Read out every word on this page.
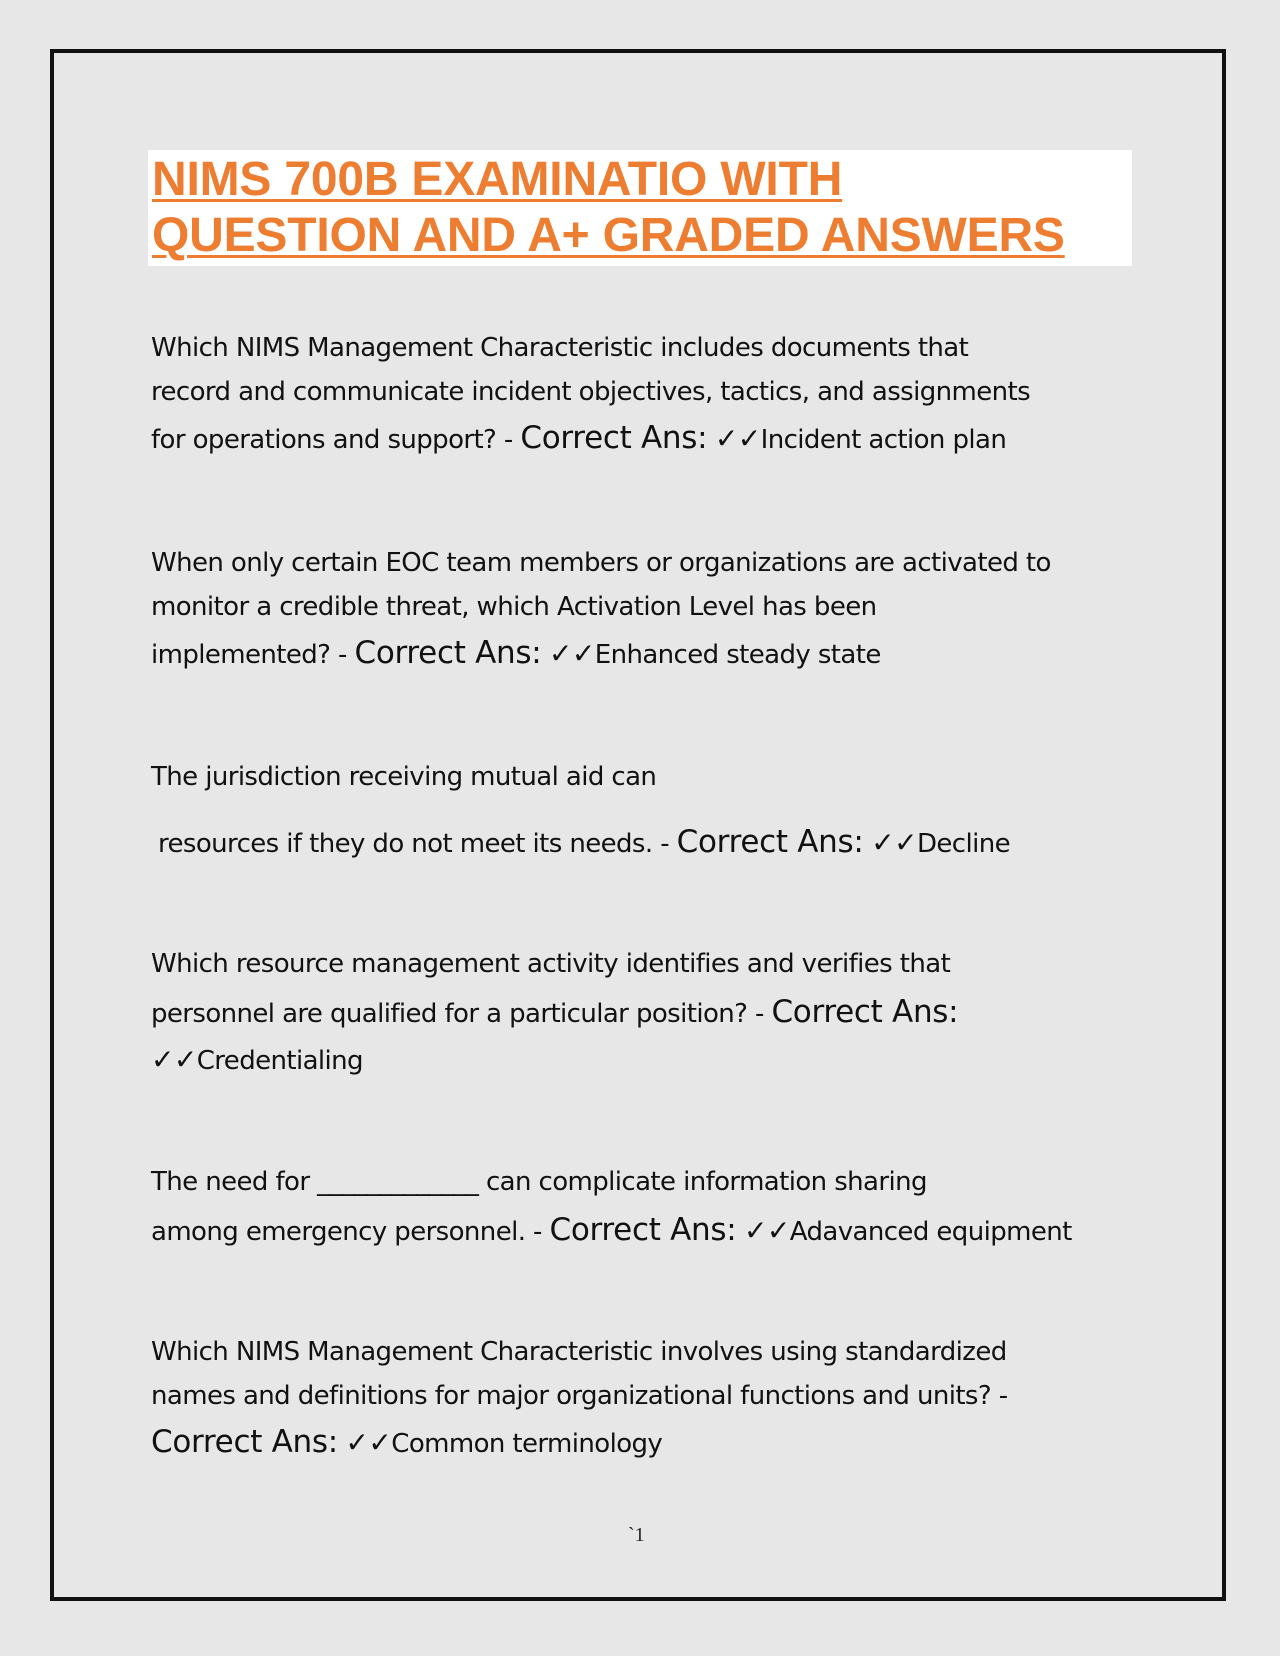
NIMS 700B EXAMINATIO WITH
QUESTION AND A+ GRADED ANSWERS
Which NIMS Management Characteristic includes documents that
record and communicate incident objectives, tactics, and assignments
for operations and support? - Correct Ans: ✓✓Incident action plan
When only certain EOC team members or organizations are activated to
monitor a credible threat, which Activation Level has been
implemented? - Correct Ans: ✓✓Enhanced steady state
The jurisdiction receiving mutual aid can
resources if they do not meet its needs. - Correct Ans: ✓✓Decline
Which resource management activity identifies and verifies that
personnel are qualified for a particular position? - Correct Ans:
✓✓Credentialing
The need for _____________ can complicate information sharing
among emergency personnel. - Correct Ans: ✓✓Adavanced equipment
Which NIMS Management Characteristic involves using standardized
names and definitions for major organizational functions and units? -
Correct Ans: ✓✓Common terminology
`1
